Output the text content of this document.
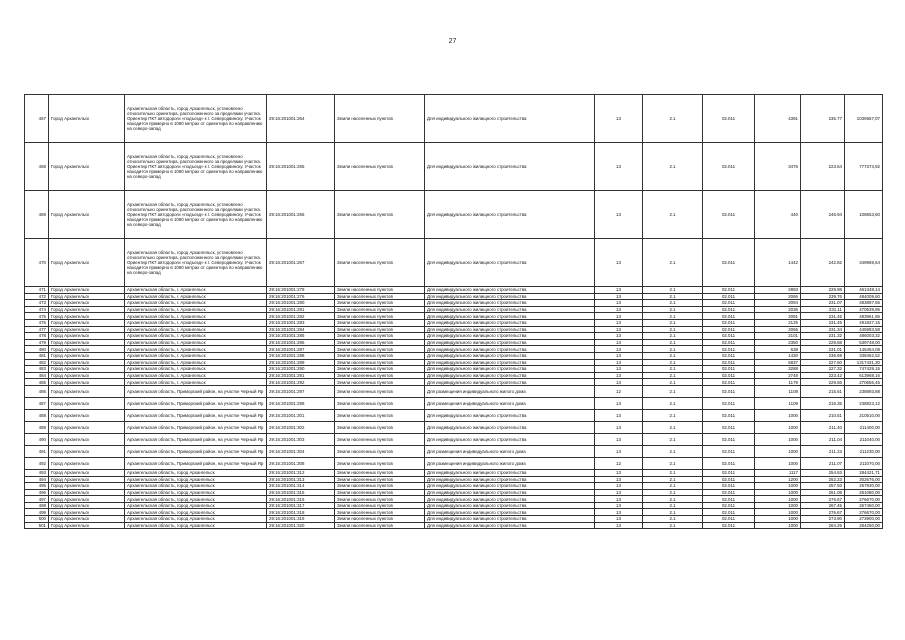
27
467	Город Архангельск	Архангельская область, город Архангельск, установлено относительно ориентира, расположенного за пределами участка. Ориентир ПК7 автодороги «подъезд» к г. Северодвинску. Участок находится примерно в 1090 метрах от ориентира по направлению на северо-запад	29:16:201001:264	Земли населенных пунктов	Для индивидуального жилищного строительства	13	2.1	02.011	4391	236.77	1039657,07
468	Город Архангельск	Архангельская область, город Архангельск, установлено относительно ориентира, расположенного за пределами участка. Ориентир ПК7 автодороги «подъезд» к г. Северодвинску. Участок находится примерно в 1090 метрах от ориентира по направлению на северо-запад	29:16:201001:265	Земли населенных пунктов	Для индивидуального жилищного строительства	13	2.1	02.011	3476	223.64	777373,92
469	Город Архангельск	Архангельская область, город Архангельск, установлено относительно ориентира, расположенного за пределами участка. Ориентир ПК7 автодороги «подъезд» к г. Северодвинску. Участок находится примерно в 1090 метрах от ориентира по направлению на северо-запад	29:16:201001:266	Земли населенных пунктов	Для индивидуального жилищного строительства	13	2.1	02.011	440	246.94	108653,60
470	Город Архангельск	Архангельская область, город Архангельск, установлено относительно ориентира, расположенного за пределами участка. Ориентир ПК7 автодороги «подъезд» к г. Северодвинску. Участок находится примерно в 1090 метрах от ориентира по направлению на северо-запад	29:16:201001:267	Земли населенных пунктов	Для индивидуального жилищного строительства	13	2.1	02.011	1442	242.82	349969,64
471	Город Архангельск	Архангельская область, г. Архангельск	29:16:201001:279	Земли населенных пунктов	Для индивидуального жилищного строительства	13	2.1	02.011	2893	229.98	461348,14
472	Город Архангельск	Архангельская область, г. Архангельск	29:16:201001:276	Земли населенных пунктов	Для индивидуального жилищного строительства	13	2.1	02.011	2066	239.76	484009,60
473	Город Архангельск	Архангельская область, г. Архангельск	29:16:201001:280	Земли населенных пунктов	Для индивидуального жилищного строительства	13	2.1	02.011	2094	231.07	483897,55
474	Город Архангельск	Архангельская область, г. Архангельск	29:16:201001:281	Земли населенных пунктов	Для индивидуального жилищного строительства	13	2.1	02.011	2036	231.11	470539,95
475	Город Архангельск	Архангельская область, г. Архангельск	29:16:201001:282	Земли населенных пунктов	Для индивидуального жилищного строительства	13	2.1	02.011	2091	231.45	483961,95
476	Город Архангельск	Архангельская область, г. Архангельск	29:16:201001:283	Земли населенных пунктов	Для индивидуального жилищного строительства	13	2.1	02.011	2125	231.45	491827,15
477	Город Архангельск	Архангельская область, г. Архангельск	29:16:201001:284	Земли населенных пунктов	Для индивидуального жилищного строительства	13	2.1	02.011	2066	231.34	445983,58
478	Город Архангельск	Архангельская область, г. Архангельск	29:16:201001:285	Земли населенных пунктов	Для индивидуального жилищного строительства	13	2.1	02.011	2101	231.32	486003,32
479	Город Архангельск	Архангельская область, г. Архангельск	29:16:201001:286	Земли населенных пунктов	Для индивидуального жилищного строительства	13	2.1	02.011	2350	229.68	539748,00
480	Город Архангельск	Архангельская область, г. Архангельск	29:16:201001:287	Земли населенных пунктов	Для индивидуального жилищного строительства	13	2.1	02.011	638	231.01	146454,08
481	Город Архангельск	Архангельская область, г. Архангельск	29:16:201001:288	Земли населенных пунктов	Для индивидуального жилищного строительства	13	2.1	02.011	1430	236.69	338462,52
482	Город Архангельск	Архангельская область, г. Архангельск	29:16:201001:289	Земли населенных пунктов	Для индивидуального жилищного строительства	13	2.1	02.011	5837	227.60	1317431,30
483	Город Архангельск	Архангельская область, г. Архангельск	29:16:201001:290	Земли населенных пунктов	Для индивидуального жилищного строительства	13	2.1	02.011	3288	227.32	747429,15
484	Город Архангельск	Архангельская область, г. Архангельск	29:16:201001:291	Земли населенных пунктов	Для индивидуального жилищного строительства	13	2.1	02.011	2748	223.42	613968,16
485	Город Архангельск	Архангельская область, г. Архангельск	29:16:201001:292	Земли населенных пунктов	Для индивидуального жилищного строительства	13	2.1	02.011	1179	229.56	270656,45
486	Город Архангельск	Архангельская область, Приморский район, на участке Черный Яр	29:16:201001:297	Земли населенных пунктов	Для размещения индивидуального жилого дома	12	2.1	02.011	1108	215.61	238893,88
487	Город Архангельск	Архангельская область, Приморский район, на участке Черный Яр	29:16:201001:298	Земли населенных пунктов	Для размещения индивидуального жилого дома	13	2.1	02.011	1109	215.35	238823,12
488	Город Архангельск	Архангельская область, Приморский район, на участке Черный Яр	29:16:201001:301	Земли населенных пунктов	Для индивидуального жилищного строительства	13	2.1	02.011	1000	210.51	210510,00
489	Город Архангельск	Архангельская область, Приморский район, на участке Черный Яр	29:16:201001:302	Земли населенных пунктов	Для индивидуального жилищного строительства	13	2.1	02.011	1000	211.40	211400,00
490	Город Архангельск	Архангельская область, Приморский район, на участке Черный Яр	29:16:201001:303	Земли населенных пунктов	Для индивидуального жилищного строительства	13	2.1	02.011	1000	211.04	211040,00
491	Город Архангельск	Архангельская область, Приморский район, на участке Черный Яр	29:16:201001:304	Земли населенных пунктов	Для размещения индивидуального жилого дома	13	2.1	02.011	1000	211.23	211230,00
492	Город Архангельск	Архангельская область, Приморский район, на участке Черный Яр	29:16:201001:308	Земли населенных пунктов	Для размещения индивидуального жилого дома	12	2.1	02.011	1000	211.07	211070,00
493	Город Архангельск	Архангельская область, город Архангельск	29:16:201001:312	Земли населенных пунктов	Для индивидуального жилищного строительства	13	2.1	02.011	1117	254.63	284421,71
494	Город Архангельск	Архангельская область, город Архангельск	29:16:201001:313	Земли населенных пунктов	Для индивидуального жилищного строительства	13	2.1	02.011	1200	252.23	302676,00
495	Город Архангельск	Архангельская область, город Архангельск	29:16:201001:314	Земли населенных пунктов	Для индивидуального жилищного строительства	13	2.1	02.011	1000	257.93	257930,00
496	Город Архангельск	Архангельская область, город Архангельск	29:16:201001:315	Земли населенных пунктов	Для индивидуального жилищного строительства	13	2.1	02.011	1000	261.08	261080,00
497	Город Архангельск	Архангельская область, город Архангельск	29:16:201001:316	Земли населенных пунктов	Для индивидуального жилищного строительства	13	2.1	02.011	1000	276.67	276670,00
498	Город Архангельск	Архангельская область, город Архангельск	29:16:201001:317	Земли населенных пунктов	Для индивидуального жилищного строительства	13	2.1	02.011	1000	267.45	267450,00
499	Город Архангельск	Архангельская область, город Архангельск	29:16:201001:318	Земли населенных пунктов	Для индивидуального жилищного строительства	13	2.1	02.011	1000	276.67	276670,00
500	Город Архангельск	Архангельская область, город Архангельск	29:16:201001:319	Земли населенных пунктов	Для индивидуального жилищного строительства	13	2.1	02.011	1000	273.90	273900,00
501	Город Архангельск	Архангельская область, город Архангельск	29:16:201001:320	Земли населенных пунктов	Для индивидуального жилищного строительства	13	2.1	02.011	1000	264.25	264250,00
